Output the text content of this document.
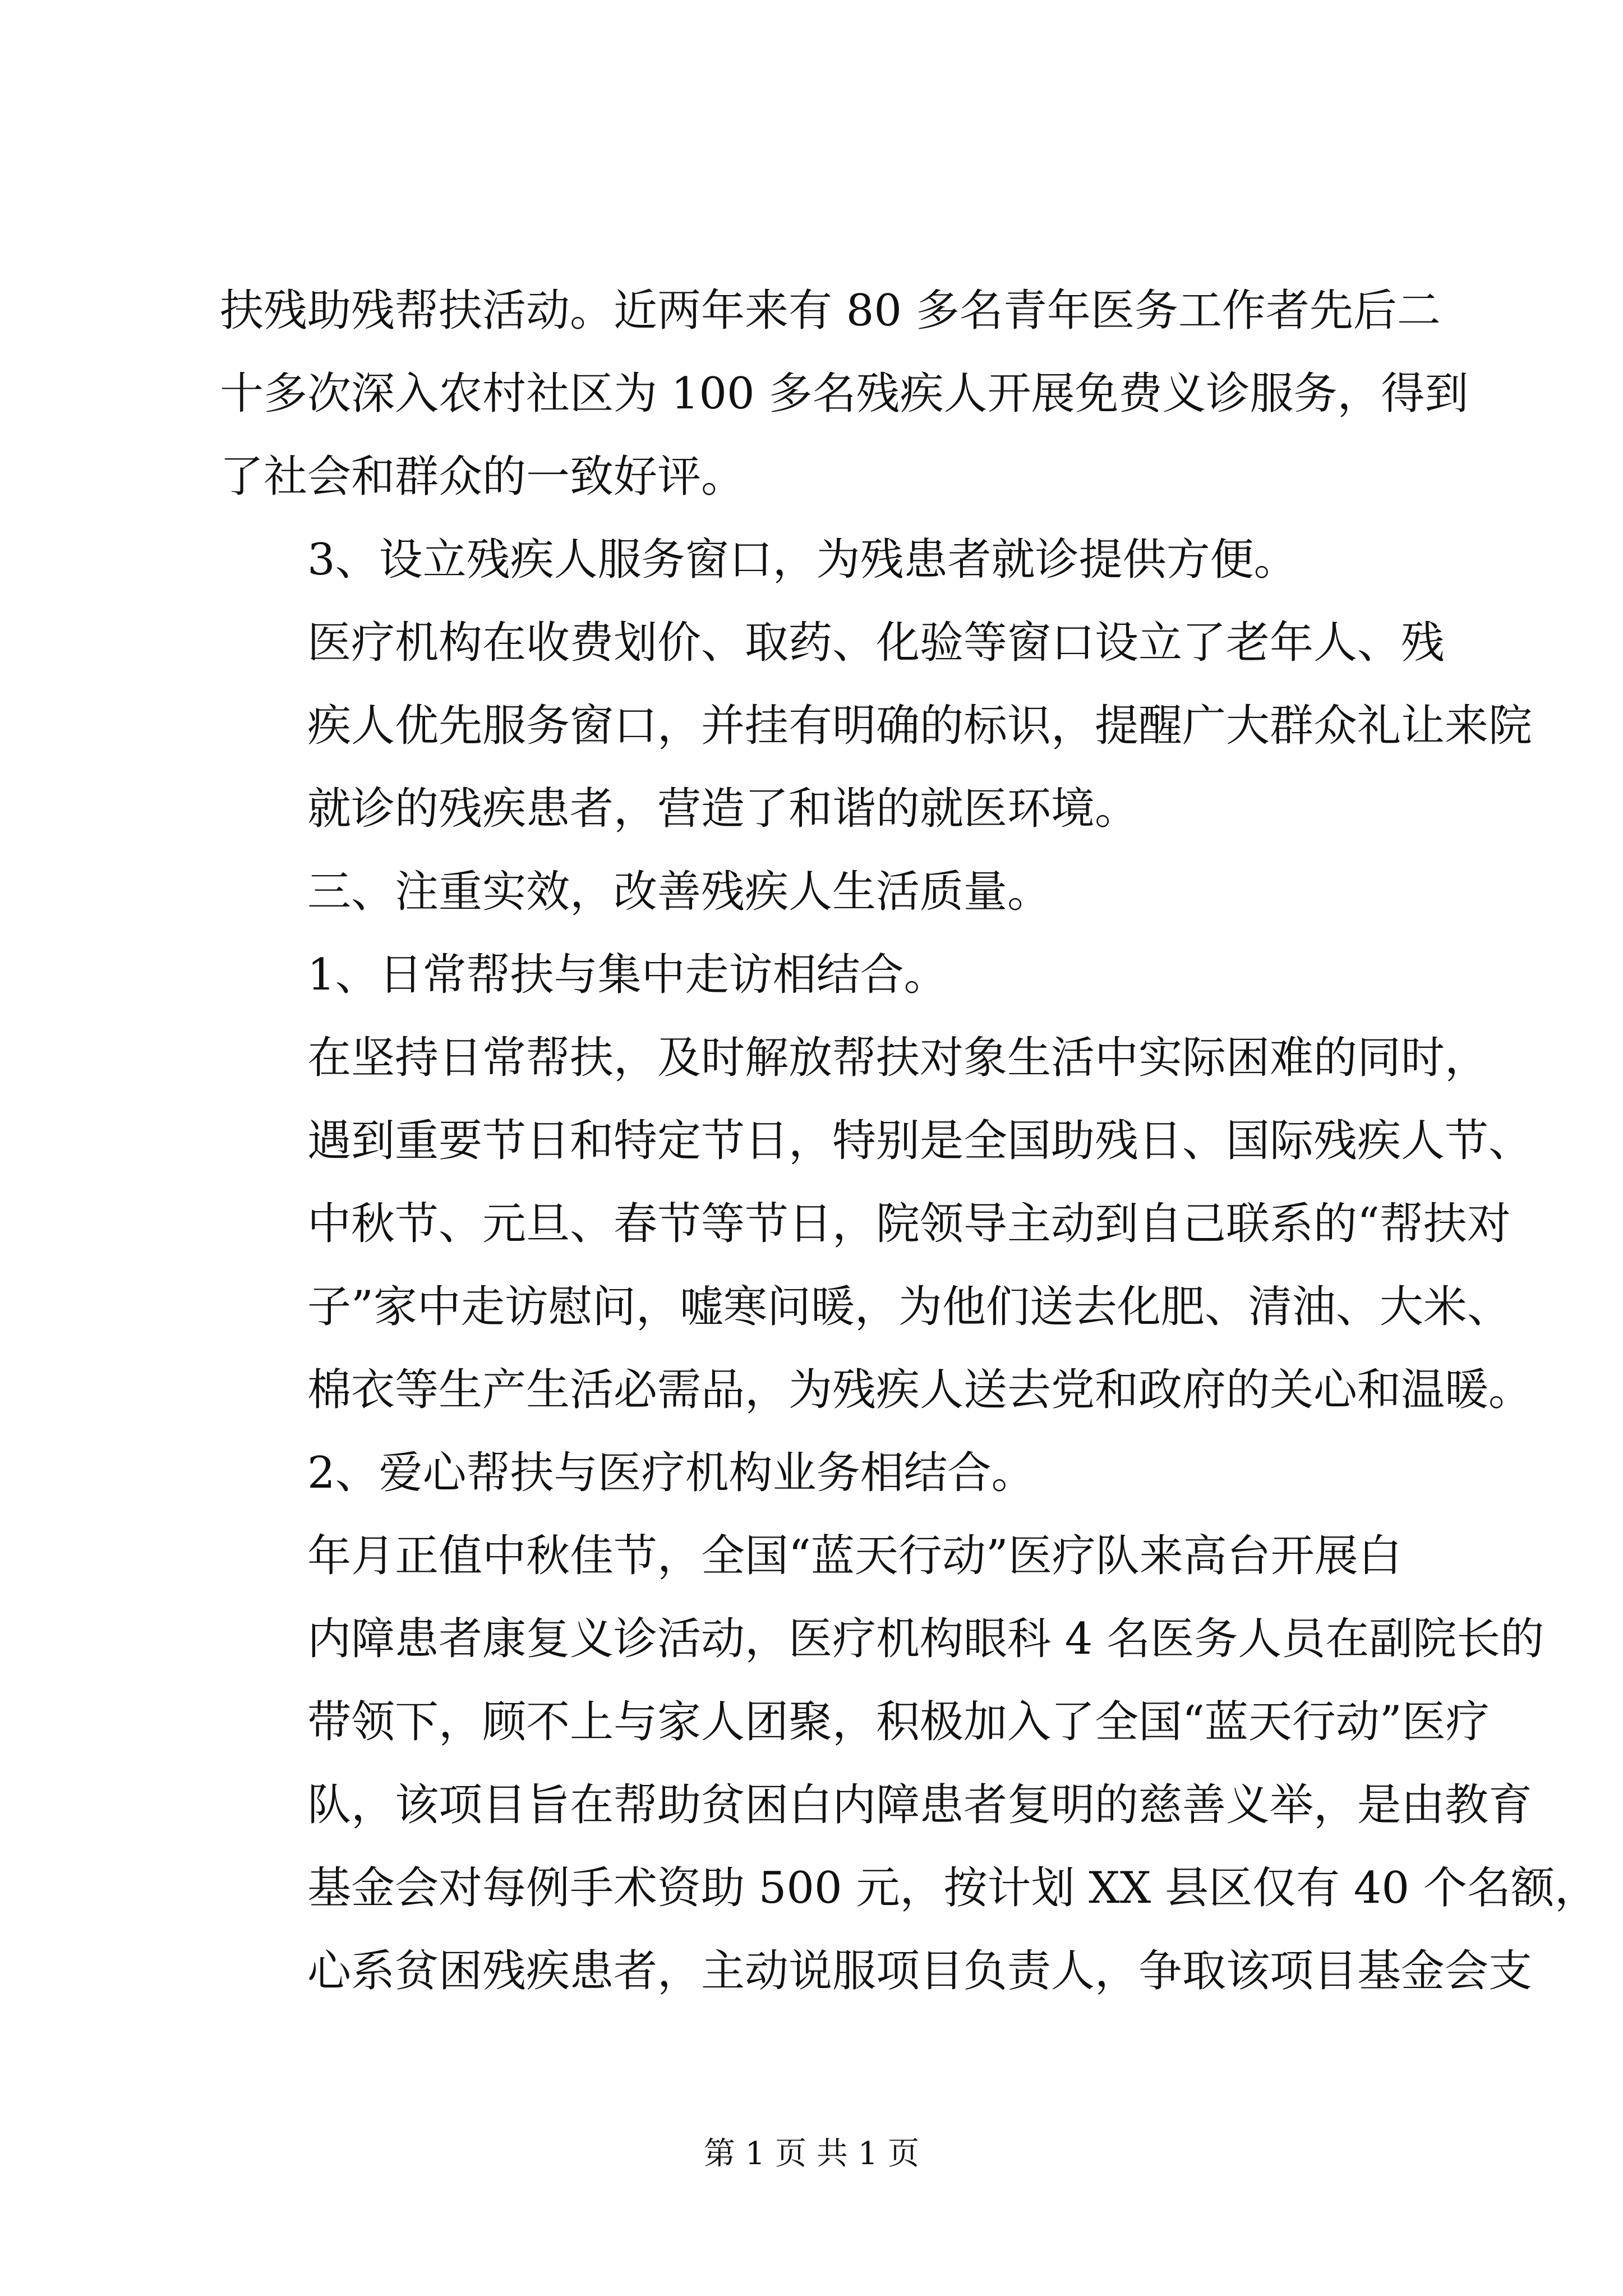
扶残助残帮扶活动。近两年来有 80 多名青年医务工作者先后二
十多次深入农村社区为 100 多名残疾人开展免费义诊服务，得到
了社会和群众的一致好评。

3、设立残疾人服务窗口，为残患者就诊提供方便。

医疗机构在收费划价、取药、化验等窗口设立了老年人、残
疾人优先服务窗口，并挂有明确的标识，提醒广大群众礼让来院
就诊的残疾患者，营造了和谐的就医环境。

三、注重实效，改善残疾人生活质量。

1、日常帮扶与集中走访相结合。

在坚持日常帮扶，及时解放帮扶对象生活中实际困难的同时，
遇到重要节日和特定节日，特别是全国助残日、国际残疾人节、
中秋节、元旦、春节等节日，院领导主动到自己联系的“帮扶对
子”家中走访慰问，嘘寒问暖，为他们送去化肥、清油、大米、
棉衣等生产生活必需品，为残疾人送去党和政府的关心和温暖。

2、爱心帮扶与医疗机构业务相结合。

年月正值中秋佳节，全国“蓝天行动”医疗队来高台开展白
内障患者康复义诊活动，医疗机构眼科 4 名医务人员在副院长的
带领下，顾不上与家人团聚，积极加入了全国“蓝天行动”医疗
队，该项目旨在帮助贫困白内障患者复明的慈善义举，是由教育
基金会对每例手术资助 500 元，按计划 XX 县区仅有 40 个名额，
心系贫困残疾患者，主动说服项目负责人，争取该项目基金会支

第 1 页 共 1 页
